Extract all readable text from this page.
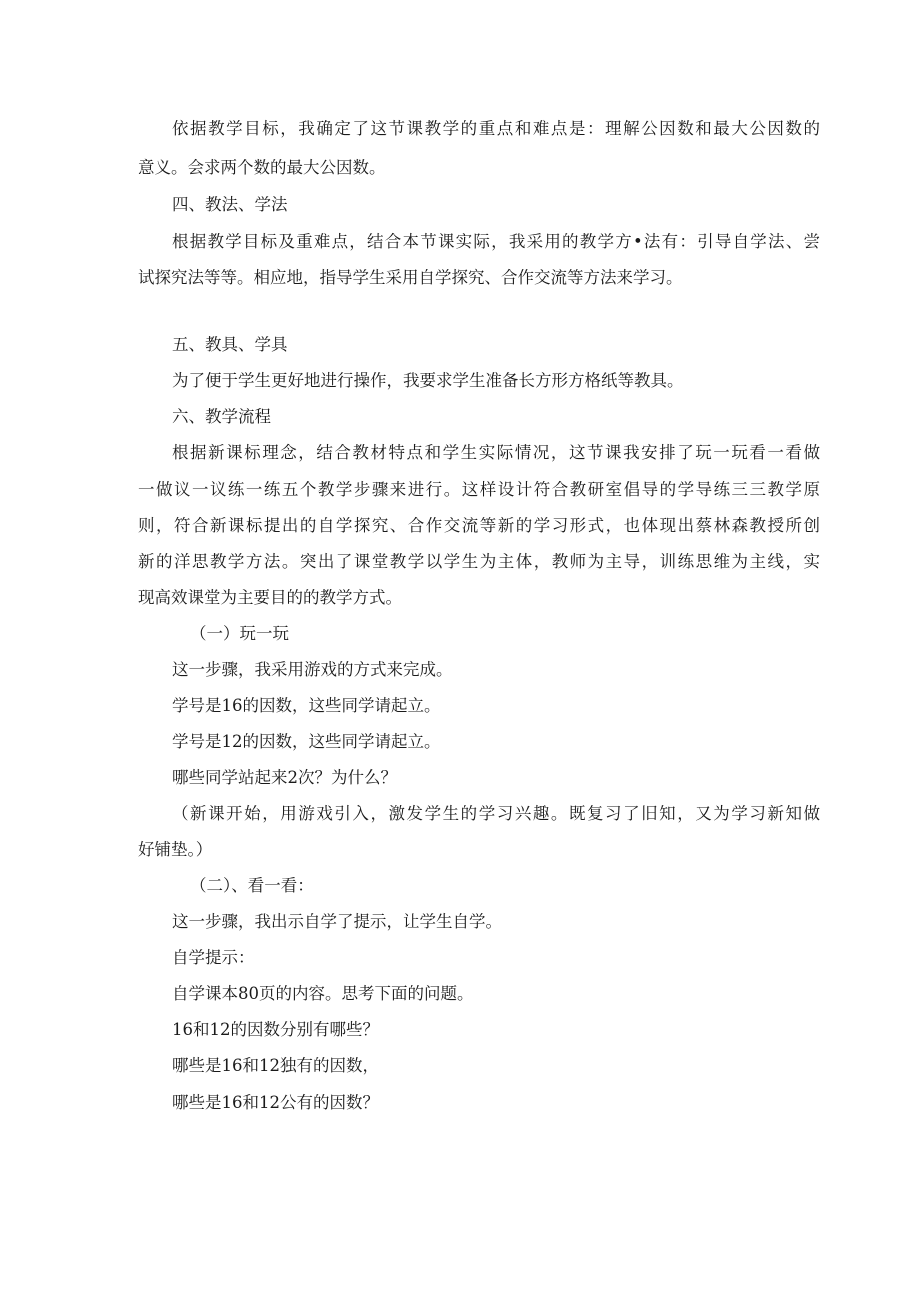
依据教学目标，我确定了这节课教学的重点和难点是：理解公因数和最大公因数的

意义。会求两个数的最大公因数。

四、教法、学法

根据教学目标及重难点，结合本节课实际，我采用的教学方•法有：引导自学法、尝

试探究法等等。相应地，指导学生采用自学探究、合作交流等方法来学习。

五、教具、学具

为了便于学生更好地进行操作，我要求学生准备长方形方格纸等教具。

六、教学流程

根据新课标理念，结合教材特点和学生实际情况，这节课我安排了玩一玩看一看做

一做议一议练一练五个教学步骤来进行。这样设计符合教研室倡导的学导练三三教学原

则，符合新课标提出的自学探究、合作交流等新的学习形式，也体现出蔡林森教授所创

新的洋思教学方法。突出了课堂教学以学生为主体，教师为主导，训练思维为主线，实

现高效课堂为主要目的的教学方式。

（一）玩一玩

这一步骤，我采用游戏的方式来完成。

学号是16的因数，这些同学请起立。

学号是12的因数，这些同学请起立。

哪些同学站起来2次？为什么？

（新课开始，用游戏引入，激发学生的学习兴趣。既复习了旧知，又为学习新知做

好铺垫。）

（二）、看一看：

这一步骤，我出示自学了提示，让学生自学。

自学提示：

自学课本80页的内容。思考下面的问题。

16和12的因数分别有哪些？

哪些是16和12独有的因数，

哪些是16和12公有的因数？
